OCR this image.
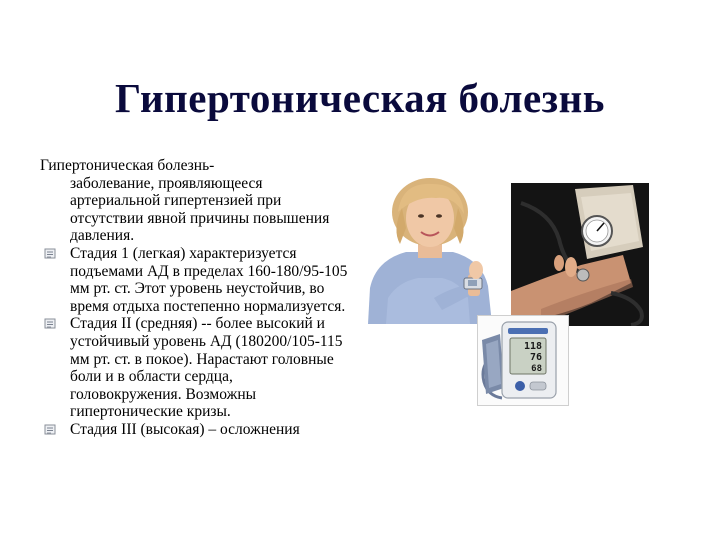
Гипертоническая болезнь
Гипертоническая болезнь-
заболевание, проявляющееся артериальной гипертензией при отсутствии явной причины повышения давления.
Стадия 1 (легкая) характеризуется подъемами АД в пределах 160-180/95-105 мм рт. ст. Этот уровень неустойчив, во время отдыха постепенно нормализуется.
Стадия II (средняя) -- более высокий и устойчивый уровень АД (180200/105-115 мм рт. ст. в покое). Нарастают головные боли и в области сердца, головокружения. Возможны гипертонические кризы.
Стадия III (высокая) – осложнения
118
76
68
